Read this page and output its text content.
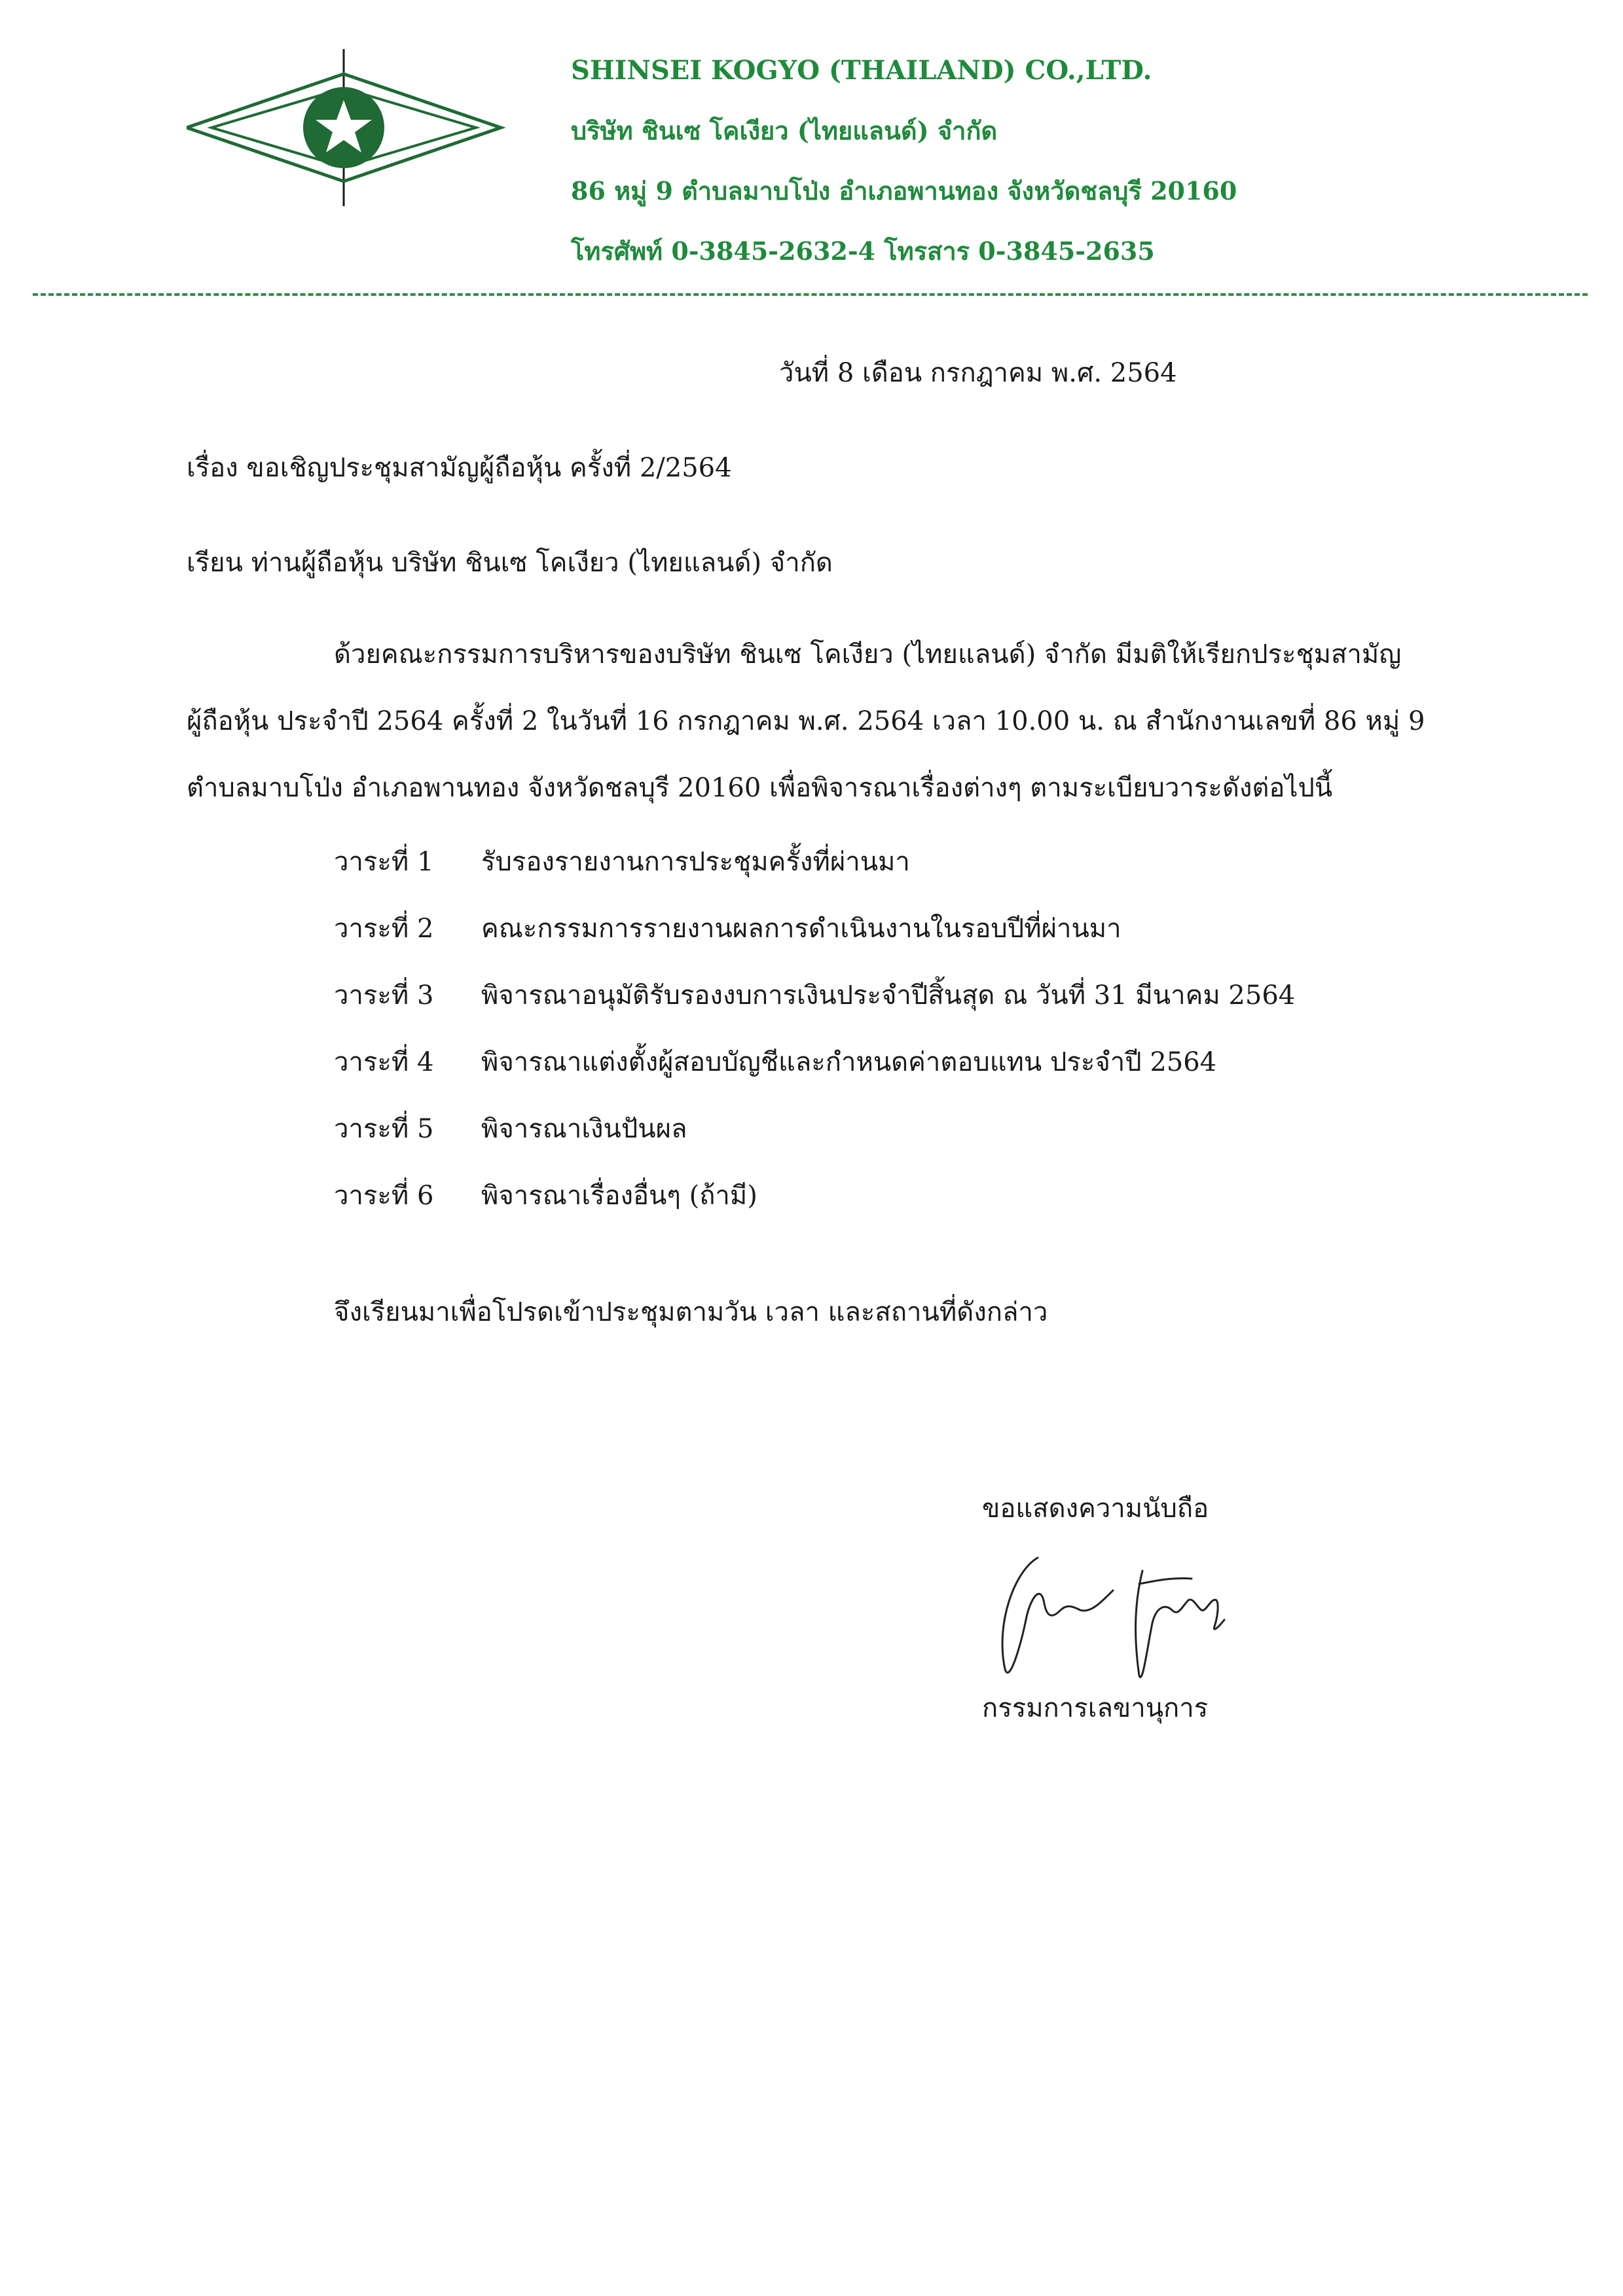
SHINSEI KOGYO (THAILAND) CO.,LTD.
บริษัท ชินเซ โคเงียว (ไทยแลนด์) จำกัด
86 หมู่ 9 ตำบลมาบโป่ง อำเภอพานทอง จังหวัดชลบุรี 20160
โทรศัพท์ 0-3845-2632-4 โทรสาร 0-3845-2635
วันที่ 8 เดือน กรกฎาคม พ.ศ. 2564
เรื่อง ขอเชิญประชุมสามัญผู้ถือหุ้น ครั้งที่ 2/2564
เรียน ท่านผู้ถือหุ้น บริษัท ชินเซ โคเงียว (ไทยแลนด์) จำกัด
ด้วยคณะกรรมการบริหารของบริษัท ชินเซ โคเงียว (ไทยแลนด์) จำกัด มีมติให้เรียกประชุมสามัญ
ผู้ถือหุ้น ประจำปี 2564 ครั้งที่ 2 ในวันที่ 16 กรกฎาคม พ.ศ. 2564 เวลา 10.00 น. ณ สำนักงานเลขที่ 86 หมู่ 9
ตำบลมาบโป่ง อำเภอพานทอง จังหวัดชลบุรี 20160 เพื่อพิจารณาเรื่องต่างๆ ตามระเบียบวาระดังต่อไปนี้
วาระที่ 1	รับรองรายงานการประชุมครั้งที่ผ่านมา
วาระที่ 2	คณะกรรมการรายงานผลการดำเนินงานในรอบปีที่ผ่านมา
วาระที่ 3	พิจารณาอนุมัติรับรองงบการเงินประจำปีสิ้นสุด ณ วันที่ 31 มีนาคม 2564
วาระที่ 4	พิจารณาแต่งตั้งผู้สอบบัญชีและกำหนดค่าตอบแทน ประจำปี 2564
วาระที่ 5	พิจารณาเงินปันผล
วาระที่ 6	พิจารณาเรื่องอื่นๆ (ถ้ามี)
จึงเรียนมาเพื่อโปรดเข้าประชุมตามวัน เวลา และสถานที่ดังกล่าว
ขอแสดงความนับถือ
กรรมการเลขานุการ
